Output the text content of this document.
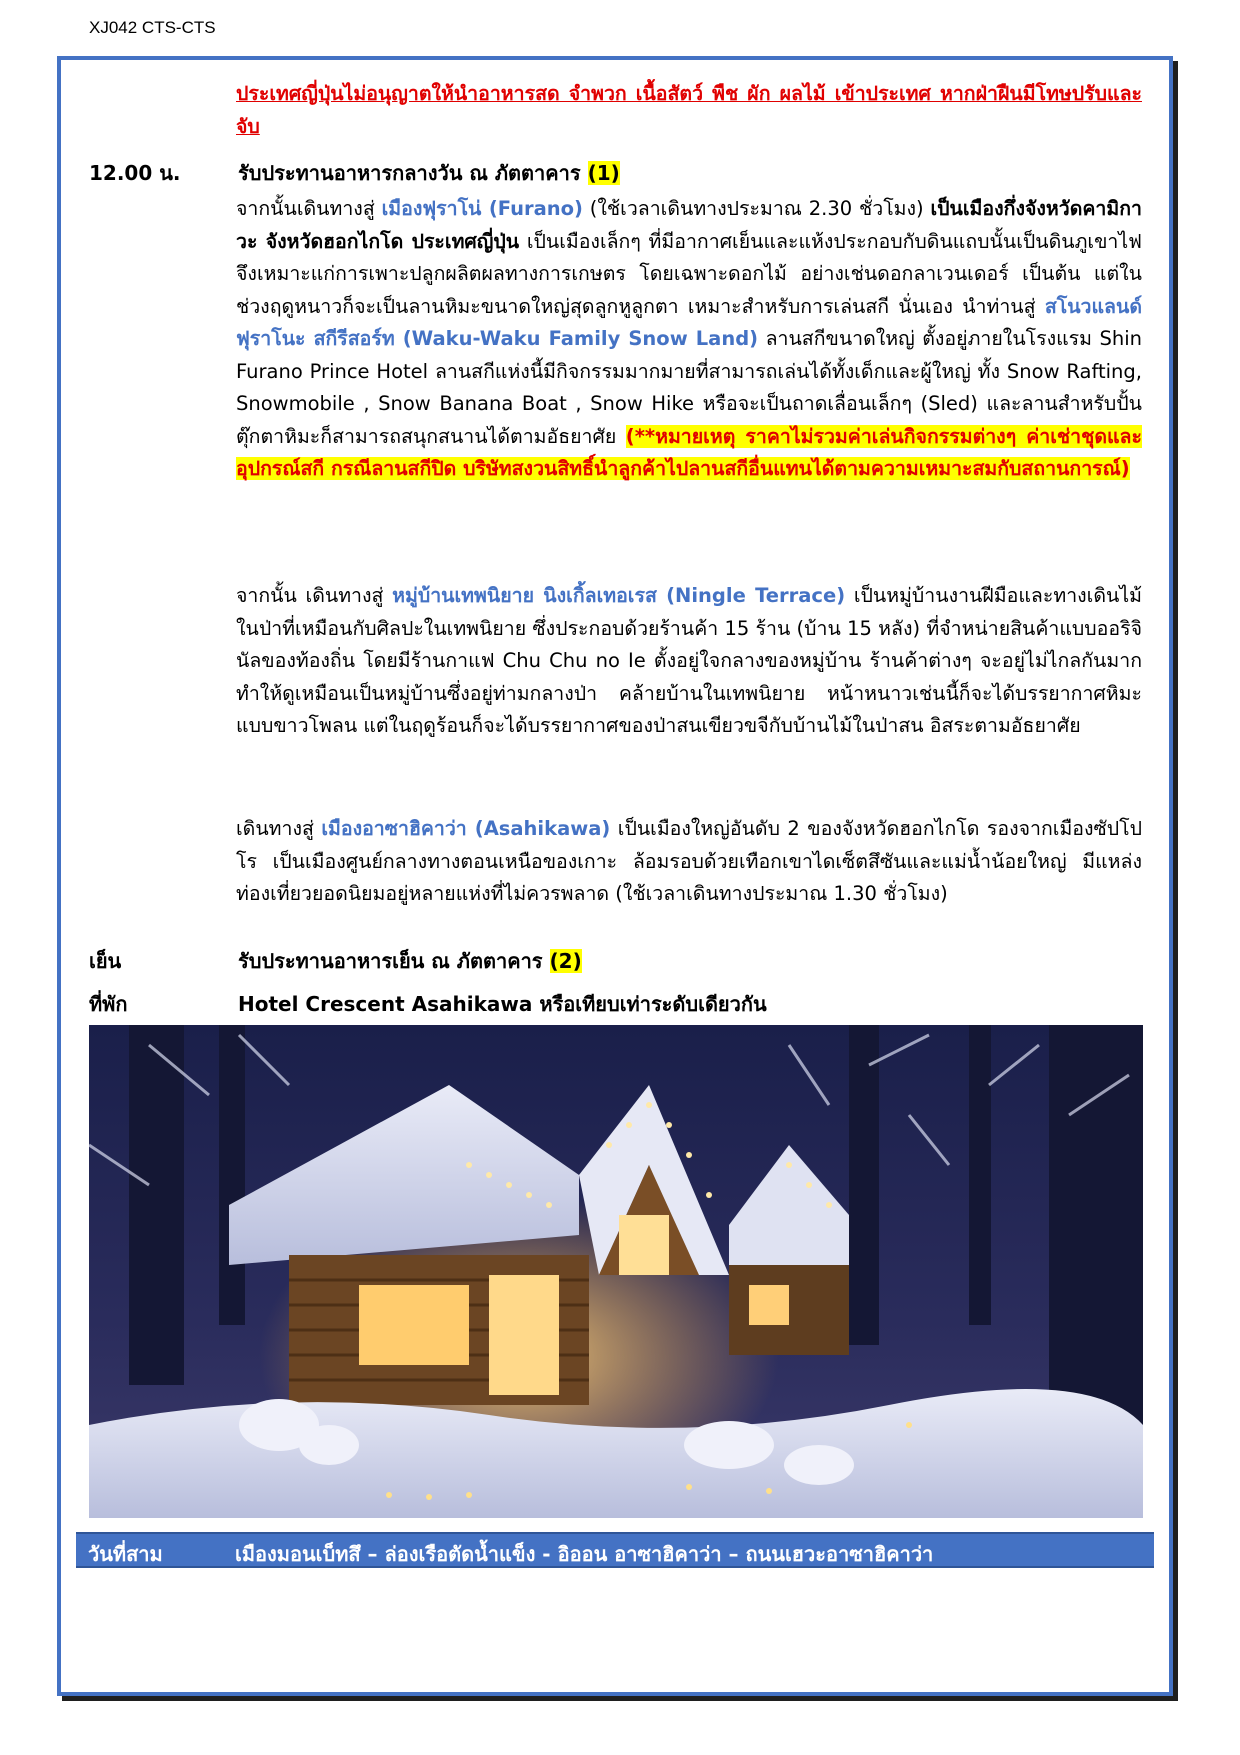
XJ042 CTS-CTS
ประเทศญี่ปุ่นไม่อนุญาตให้นำอาหารสด จำพวก เนื้อสัตว์ พืช ผัก ผลไม้ เข้าประเทศ หากฝ่าฝืนมีโทษปรับและจับ
12.00 น.	รับประทานอาหารกลางวัน ณ ภัตตาคาร (1)
จากนั้นเดินทางสู่ เมืองฟุราโน่ (Furano) (ใช้เวลาเดินทางประมาณ 2.30 ชั่วโมง) เป็นเมืองกึ่งจังหวัดคามิกาวะ จังหวัดฮอกไกโด ประเทศญี่ปุ่น เป็นเมืองเล็กๆ ที่มีอากาศเย็นและแห้งประกอบกับดินแถบนั้นเป็นดินภูเขาไฟจึงเหมาะแก่การเพาะปลูกผลิตผลทางการเกษตร โดยเฉพาะดอกไม้ อย่างเช่นดอกลาเวนเดอร์ เป็นต้น แต่ในช่วงฤดูหนาวก็จะเป็นลานหิมะขนาดใหญ่สุดลูกหูลูกตา เหมาะสำหรับการเล่นสกี นั่นเอง นำท่านสู่ สโนวแลนด์ ฟุราโนะ สกีรีสอร์ท (Waku-Waku Family Snow Land) ลานสกีขนาดใหญ่ ตั้งอยู่ภายในโรงแรม Shin Furano Prince Hotel ลานสกีแห่งนี้มีกิจกรรมมากมายที่สามารถเล่นได้ทั้งเด็กและผู้ใหญ่ ทั้ง Snow Rafting, Snowmobile , Snow Banana Boat , Snow Hike หรือจะเป็นถาดเลื่อนเล็กๆ (Sled) และลานสำหรับปั้นตุ๊กตาหิมะก็สามารถสนุกสนานได้ตามอัธยาศัย (**หมายเหตุ ราคาไม่รวมค่าเล่นกิจกรรมต่างๆ ค่าเช่าชุดและอุปกรณ์สกี กรณีลานสกีปิด บริษัทสงวนสิทธิ์นำลูกค้าไปลานสกีอื่นแทนได้ตามความเหมาะสมกับสถานการณ์)
จากนั้น เดินทางสู่ หมู่บ้านเทพนิยาย นิงเกิ้ลเทอเรส (Ningle Terrace) เป็นหมู่บ้านงานฝีมือและทางเดินไม้ในป่าที่เหมือนกับศิลปะในเทพนิยาย ซึ่งประกอบด้วยร้านค้า 15 ร้าน (บ้าน 15 หลัง) ที่จำหน่ายสินค้าแบบออริจินัลของท้องถิ่น โดยมีร้านกาแฟ Chu Chu no Ie ตั้งอยู่ใจกลางของหมู่บ้าน ร้านค้าต่างๆ จะอยู่ไม่ไกลกันมาก ทำให้ดูเหมือนเป็นหมู่บ้านซึ่งอยู่ท่ามกลางป่า คล้ายบ้านในเทพนิยาย หน้าหนาวเช่นนี้ก็จะได้บรรยากาศหิมะแบบขาวโพลน แต่ในฤดูร้อนก็จะได้บรรยากาศของป่าสนเขียวขจีกับบ้านไม้ในป่าสน อิสระตามอัธยาศัย
เดินทางสู่ เมืองอาซาฮิคาว่า (Asahikawa) เป็นเมืองใหญ่อันดับ 2 ของจังหวัดฮอกไกโด รองจากเมืองซัปโปโร เป็นเมืองศูนย์กลางทางตอนเหนือของเกาะ ล้อมรอบด้วยเทือกเขาไดเซ็ตสึซันและแม่น้ำน้อยใหญ่ มีแหล่งท่องเที่ยวยอดนิยมอยู่หลายแห่งที่ไม่ควรพลาด (ใช้เวลาเดินทางประมาณ 1.30 ชั่วโมง)
เย็น	รับประทานอาหารเย็น ณ ภัตตาคาร (2)
ที่พัก	Hotel Crescent Asahikawa หรือเทียบเท่าระดับเดียวกัน
วันที่สาม	เมืองมอนเบ็ทสึ – ล่องเรือตัดน้ำแข็ง - อิออน อาซาฮิคาว่า – ถนนเฮวะอาซาฮิคาว่า
